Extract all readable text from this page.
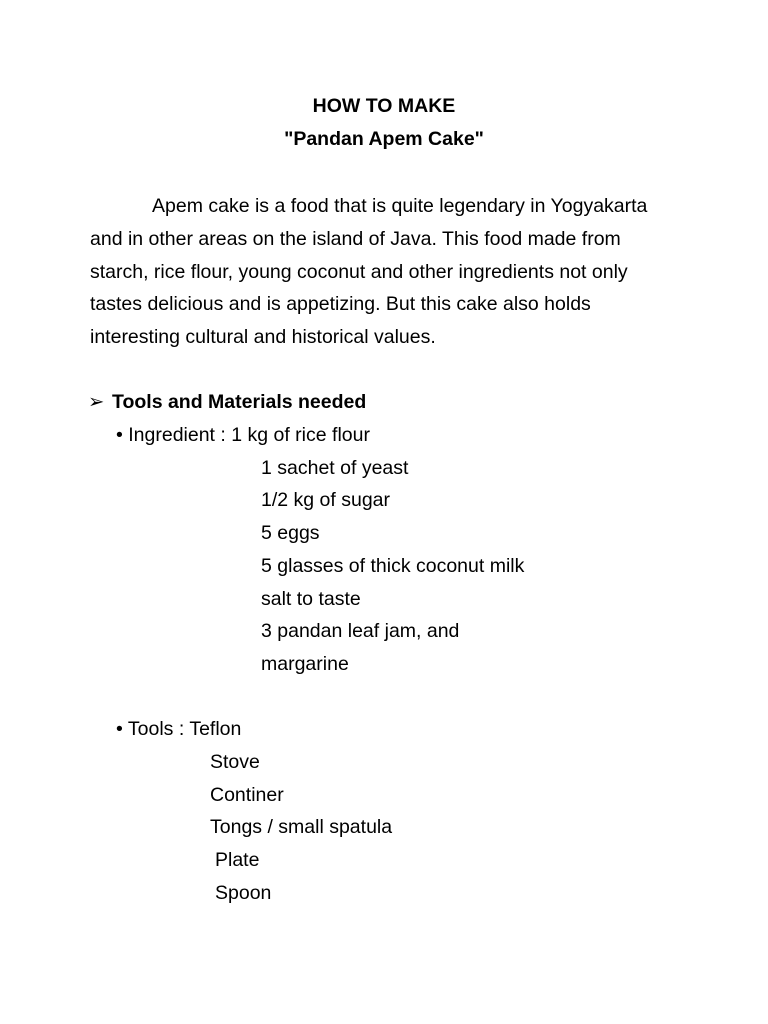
HOW TO MAKE
"Pandan Apem Cake"
Apem cake is a food that is quite legendary in Yogyakarta
and in other areas on the island of Java. This food made from
starch, rice flour, young coconut and other ingredients not only
tastes delicious and is appetizing. But this cake also holds
interesting cultural and historical values.
➢ Tools and Materials needed
• Ingredient : 1 kg of rice flour
1 sachet of yeast
1/2 kg of sugar
5 eggs
5 glasses of thick coconut milk
salt to taste
3 pandan leaf jam, and
margarine
• Tools : Teflon
Stove
Continer
Tongs / small spatula
Plate
Spoon
